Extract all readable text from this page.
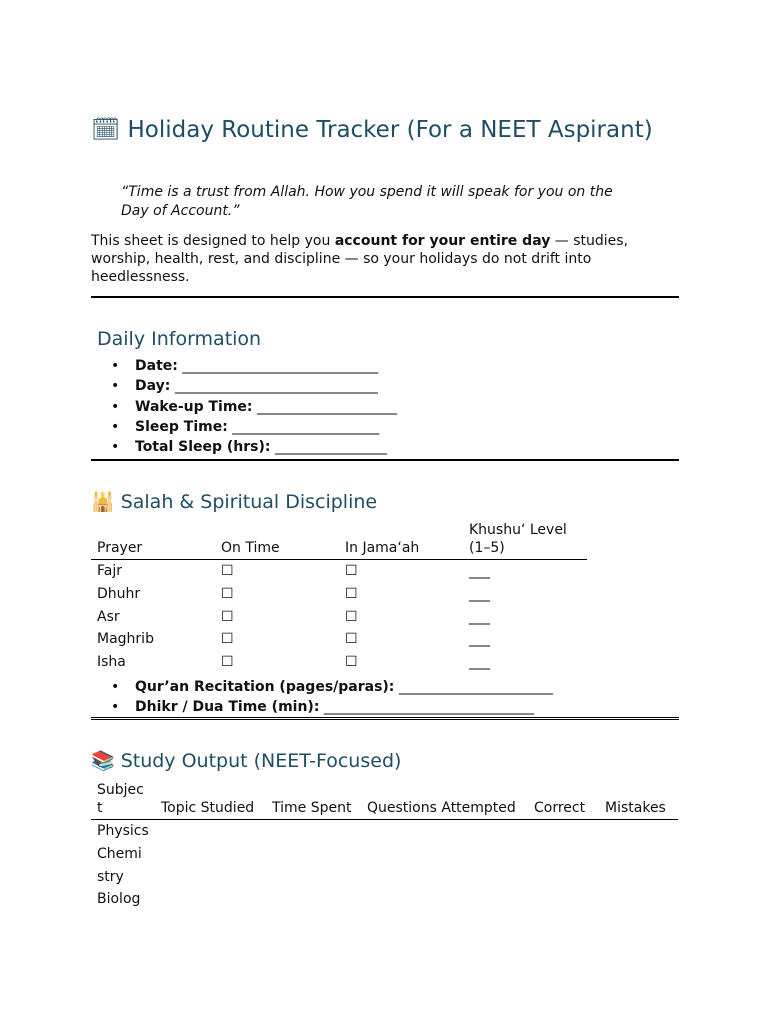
🗓 Holiday Routine Tracker (For a NEET Aspirant)

“Time is a trust from Allah. How you spend it will speak for you on the Day of Account.”

This sheet is designed to help you account for your entire day — studies, worship, health, rest, and discipline — so your holidays do not drift into heedlessness.

Daily Information
• Date: ____________________________
• Day: _____________________________
• Wake-up Time: ____________________
• Sleep Time: _____________________
• Total Sleep (hrs): ________________
🕌 Salah & Spiritual Discipline
Prayer	On Time	In Jama‘ah	Khushu‘ Level (1–5)
Fajr	☐	☐	___
Dhuhr	☐	☐	___
Asr	☐	☐	___
Maghrib	☐	☐	___
Isha	☐	☐	___
• Qur’an Recitation (pages/paras): ______________________
• Dhikr / Dua Time (min): ______________________________
📚 Study Output (NEET-Focused)
Subject	Topic Studied	Time Spent	Questions Attempted	Correct	Mistakes
Physics					
Chemistry					
Biolog					
